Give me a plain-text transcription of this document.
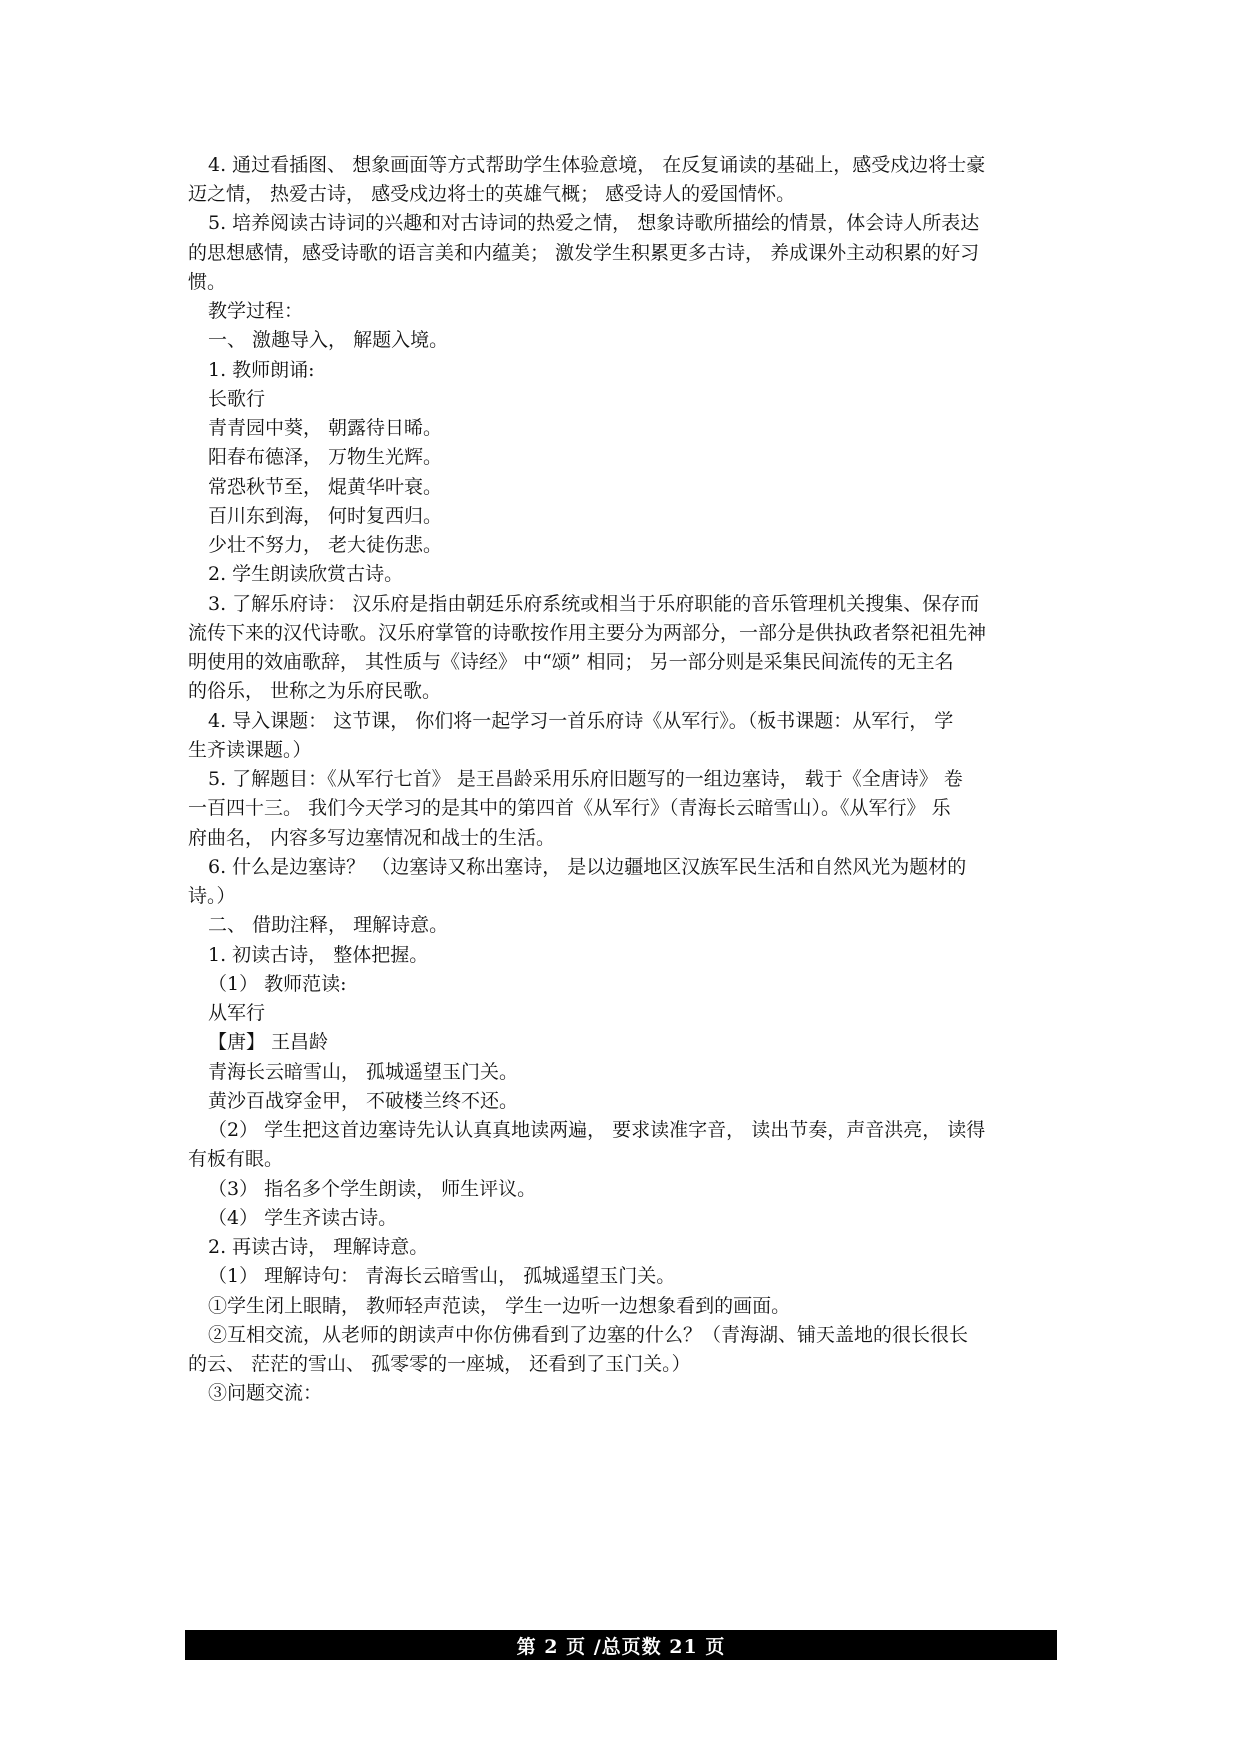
4. 通过看插图、 想象画面等方式帮助学生体验意境， 在反复诵读的基础上，感受戍边将士豪
迈之情， 热爱古诗， 感受戍边将士的英雄气概； 感受诗人的爱国情怀。
5. 培养阅读古诗词的兴趣和对古诗词的热爱之情， 想象诗歌所描绘的情景，体会诗人所表达
的思想感情，感受诗歌的语言美和内蕴美； 激发学生积累更多古诗， 养成课外主动积累的好习
惯。
教学过程：
一、 激趣导入， 解题入境。
1. 教师朗诵:
长歌行
青青园中葵， 朝露待日晞。
阳春布德泽， 万物生光辉。
常恐秋节至， 焜黄华叶衰。
百川东到海， 何时复西归。
少壮不努力， 老大徒伤悲。
2. 学生朗读欣赏古诗。
3. 了解乐府诗： 汉乐府是指由朝廷乐府系统或相当于乐府职能的音乐管理机关搜集、保存而
流传下来的汉代诗歌。汉乐府掌管的诗歌按作用主要分为两部分，一部分是供执政者祭祀祖先神
明使用的效庙歌辞， 其性质与《诗经》 中“颂” 相同； 另一部分则是采集民间流传的无主名
的俗乐， 世称之为乐府民歌。
4. 导入课题： 这节课， 你们将一起学习一首乐府诗《从军行》。（板书课题：从军行， 学
生齐读课题。）
5. 了解题目：《从军行七首》 是王昌龄采用乐府旧题写的一组边塞诗， 载于《全唐诗》 卷
一百四十三。 我们今天学习的是其中的第四首《从军行》（青海长云暗雪山）。《从军行》 乐
府曲名， 内容多写边塞情况和战士的生活。
6. 什么是边塞诗？ （边塞诗又称出塞诗， 是以边疆地区汉族军民生活和自然风光为题材的
诗。）
二、 借助注释， 理解诗意。
1. 初读古诗， 整体把握。
（1） 教师范读:
从军行
【唐】 王昌龄
青海长云暗雪山， 孤城遥望玉门关。
黄沙百战穿金甲， 不破楼兰终不还。
（2） 学生把这首边塞诗先认认真真地读两遍， 要求读准字音， 读出节奏，声音洪亮， 读得
有板有眼。
（3） 指名多个学生朗读， 师生评议。
（4） 学生齐读古诗。
2. 再读古诗， 理解诗意。
（1） 理解诗句： 青海长云暗雪山， 孤城遥望玉门关。
①学生闭上眼睛， 教师轻声范读， 学生一边听一边想象看到的画面。
②互相交流，从老师的朗读声中你仿佛看到了边塞的什么？（青海湖、铺天盖地的很长很长
的云、 茫茫的雪山、 孤零零的一座城， 还看到了玉门关。）
③问题交流：
第 2 页 /总页数 21 页
